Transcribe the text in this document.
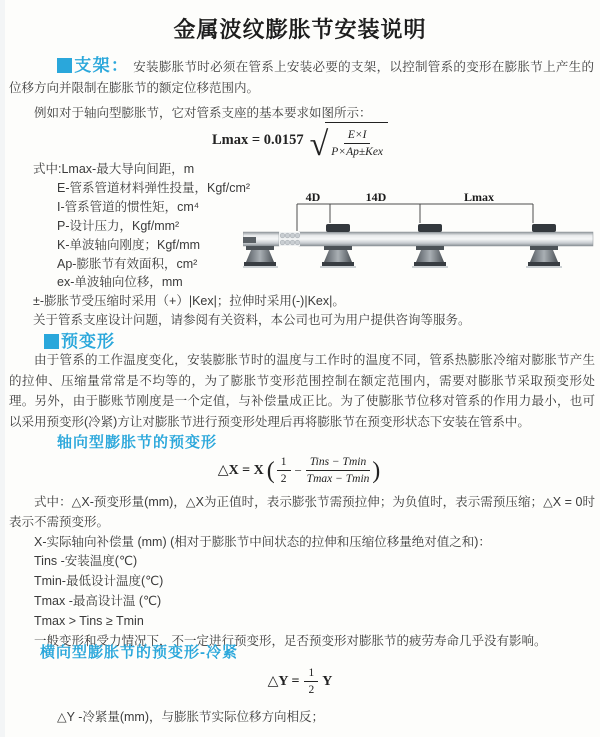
金属波纹膨胀节安装说明

支架： 安装膨胀节时必须在管系上安装必要的支架，以控制管系的变形在膨胀节上产生的位移方向并限制在膨胀节的额定位移范围内。

例如对于轴向型膨胀节，它对管系支座的基本要求如图所示：

Lmax = 0.0157 √ $\frac{E\times I}{\text{P×Ap±Kex}}$

式中:Lmax-最大导向间距，m

E-管系管道材料弹性投量，Kgf/cm²

I-管系管道的惯性矩，cm⁴

P-设计压力，Kgf/mm²

K-单波轴向刚度；Kgf/mm

Ap-膨胀节有效面积，cm²

ex-单波轴向位移，mm

±-膨胀节受压缩时采用（+）|Kex|；拉伸时采用(-)|Kex|。

关于管系支座设计问题，请参阅有关资料，本公司也可为用户提供咨询等服务。

4D	14D	Lmax
预变形

由于管系的工作温度变化，安装膨胀节时的温度与工作时的温度不同，管系热膨胀冷缩对膨胀节产生的拉伸、压缩量常常是不均等的，为了膨胀节变形范围控制在额定范围内，需要对膨胀节采取预变形处理。另外，由于膨账节刚度是一个定值，与补偿量成正比。为了使膨胀节位移对管系的作用力最小，也可以采用预变形(冷紧)方让对膨胀节进行预变形处理后再将膨胀节在预变形状态下安装在管系中。

轴向型膨胀节的预变形
△X = X ( $\frac{1}{2} - \frac{\text{Tins − Tmin}}{Tmax - Tmin}$ )

式中：△X-预变形量(mm)，△X为正值时，表示膨张节需预拉伸；为负值时，表示需预压缩；△X = 0时表示不需预变形。

X-实际轴向补偿量 (mm) (相对于膨胀节中间状态的拉伸和压缩位移量绝对值之和)：

Tins -安装温度(℃)

Tmin-最低设计温度(℃)

Tmax -最高设计温 (℃)

Tmax > Tins ≥ Tmin

一般变形和受力情况下，不一定进行预变形，足否预变形对膨胀节的疲劳寿命几乎没有影响。

横向型膨胀节的预变形-冷紧
△Y = $\frac{1}{2}$ Y

△Y -冷紧量(mm)，与膨胀节实际位移方向相反；
